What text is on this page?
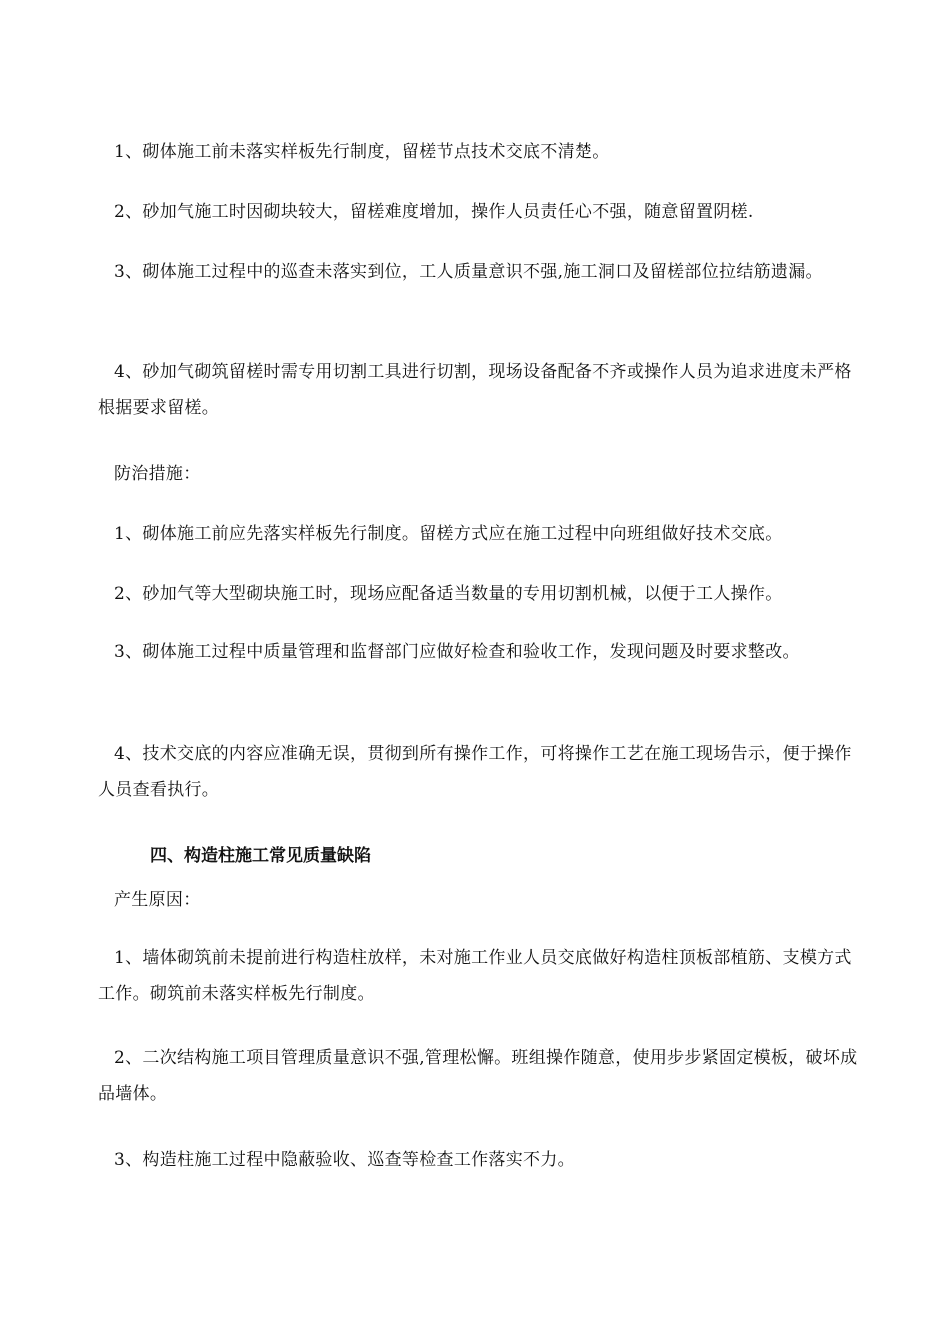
1、砌体施工前未落实样板先行制度，留槎节点技术交底不清楚。

2、砂加气施工时因砌块较大，留槎难度增加，操作人员责任心不强，随意留置阴槎.

3、砌体施工过程中的巡查未落实到位，工人质量意识不强,施工洞口及留槎部位拉结筋遗漏。

4、砂加气砌筑留槎时需专用切割工具进行切割，现场设备配备不齐或操作人员为追求进度未严格根据要求留槎。

防治措施：

1、砌体施工前应先落实样板先行制度。留槎方式应在施工过程中向班组做好技术交底。

2、砂加气等大型砌块施工时，现场应配备适当数量的专用切割机械，以便于工人操作。

3、砌体施工过程中质量管理和监督部门应做好检查和验收工作，发现问题及时要求整改。

4、技术交底的内容应准确无误，贯彻到所有操作工作，可将操作工艺在施工现场告示，便于操作人员查看执行。

四、构造柱施工常见质量缺陷

产生原因：

1、墙体砌筑前未提前进行构造柱放样，未对施工作业人员交底做好构造柱顶板部植筋、支模方式工作。砌筑前未落实样板先行制度。

2、二次结构施工项目管理质量意识不强,管理松懈。班组操作随意，使用步步紧固定模板，破坏成品墙体。

3、构造柱施工过程中隐蔽验收、巡查等检查工作落实不力。
